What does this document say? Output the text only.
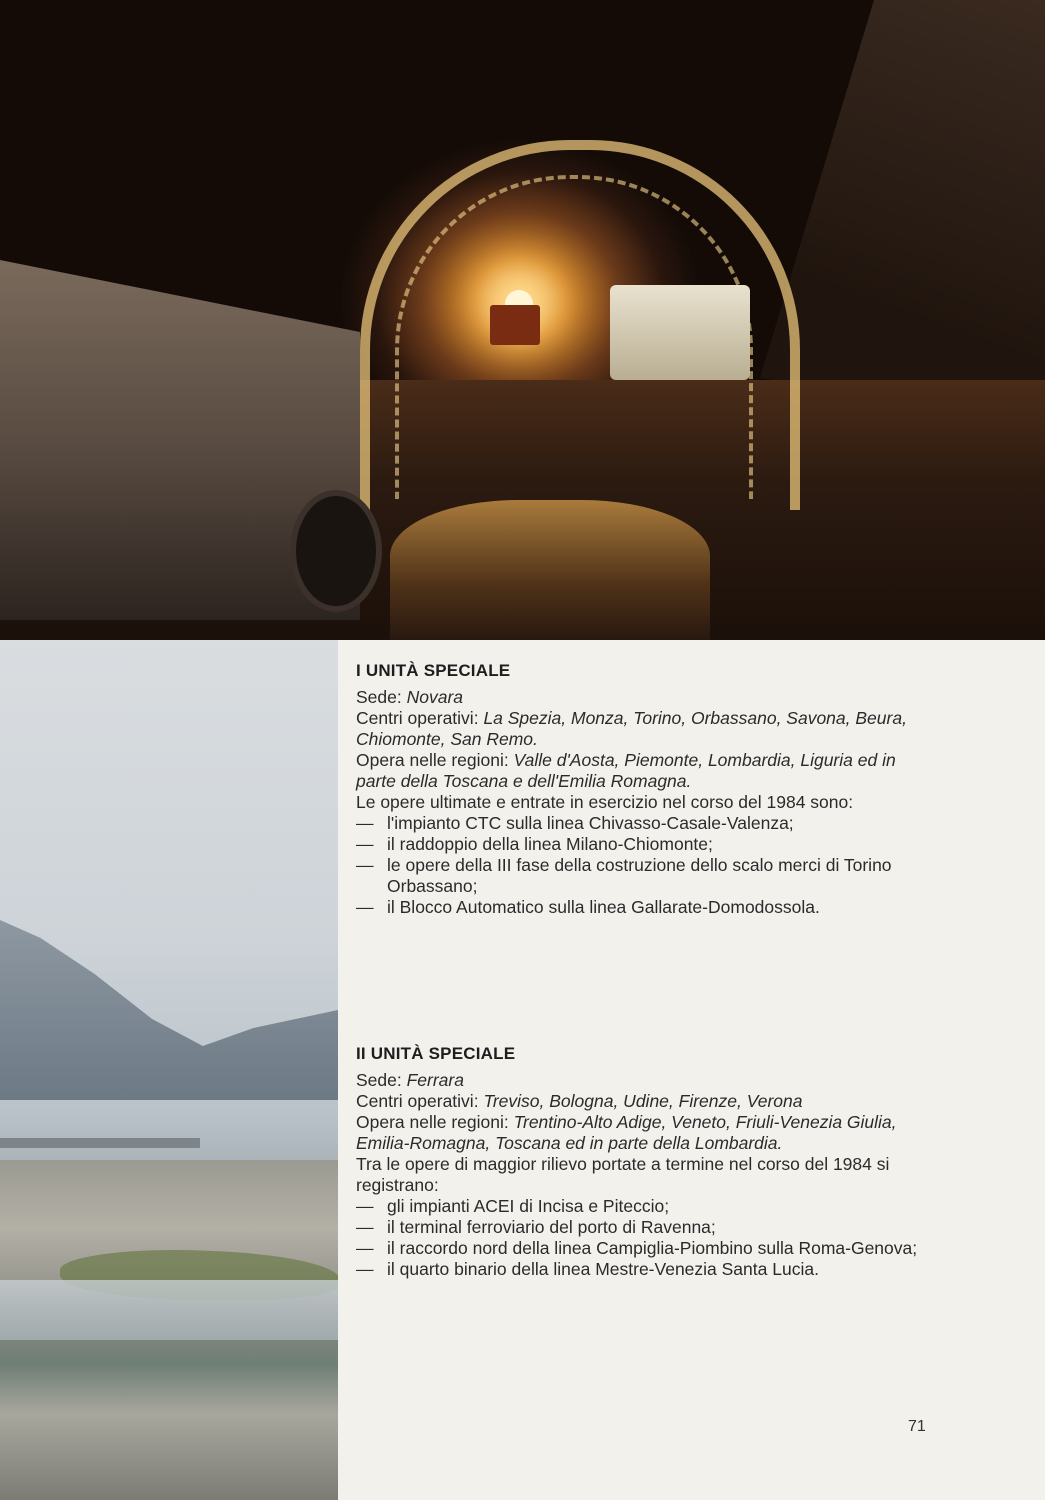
I UNITÀ SPECIALE

Sede: Novara

Centri operativi: La Spezia, Monza, Torino, Orbassano, Savona, Beura, Chiomonte, San Remo.

Opera nelle regioni: Valle d'Aosta, Piemonte, Lombardia, Liguria ed in parte della Toscana e dell'Emilia Romagna.

Le opere ultimate e entrate in esercizio nel corso del 1984 sono:

— l'impianto CTC sulla linea Chivasso-Casale-Valenza;
— il raddoppio della linea Milano-Chiomonte;
— le opere della III fase della costruzione dello scalo merci di Torino Orbassano;
— il Blocco Automatico sulla linea Gallarate-Domodossola.
II UNITÀ SPECIALE

Sede: Ferrara

Centri operativi: Treviso, Bologna, Udine, Firenze, Verona

Opera nelle regioni: Trentino-Alto Adige, Veneto, Friuli-Venezia Giulia, Emilia-Romagna, Toscana ed in parte della Lombardia.

Tra le opere di maggior rilievo portate a termine nel corso del 1984 si registrano:

— gli impianti ACEI di Incisa e Piteccio;
— il terminal ferroviario del porto di Ravenna;
— il raccordo nord della linea Campiglia-Piombino sulla Roma-Genova;
— il quarto binario della linea Mestre-Venezia Santa Lucia.
71
